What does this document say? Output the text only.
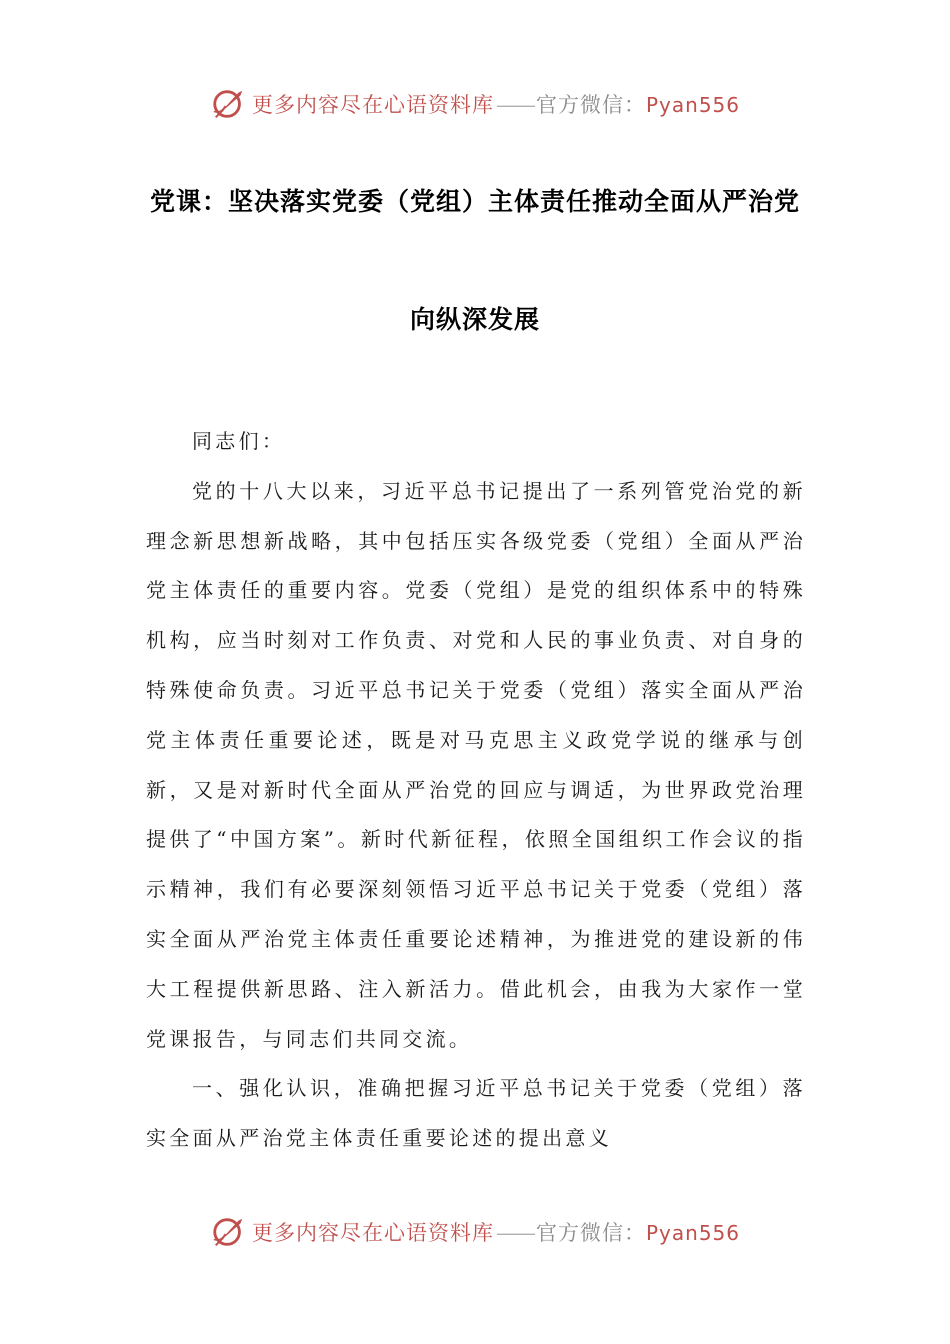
更多内容尽在心语资料库——官方微信：Pyan556
党课：坚决落实党委（党组）主体责任推动全面从严治党
向纵深发展

同志们：

党的十八大以来，习近平总书记提出了一系列管党治党的新理念新思想新战略，其中包括压实各级党委（党组）全面从严治党主体责任的重要内容。党委（党组）是党的组织体系中的特殊机构，应当时刻对工作负责、对党和人民的事业负责、对自身的特殊使命负责。习近平总书记关于党委（党组）落实全面从严治党主体责任重要论述，既是对马克思主义政党学说的继承与创新，又是对新时代全面从严治党的回应与调适，为世界政党治理提供了“中国方案”。新时代新征程，依照全国组织工作会议的指示精神，我们有必要深刻领悟习近平总书记关于党委（党组）落实全面从严治党主体责任重要论述精神，为推进党的建设新的伟大工程提供新思路、注入新活力。借此机会，由我为大家作一堂党课报告，与同志们共同交流。

一、强化认识，准确把握习近平总书记关于党委（党组）落实全面从严治党主体责任重要论述的提出意义

更多内容尽在心语资料库——官方微信：Pyan556
